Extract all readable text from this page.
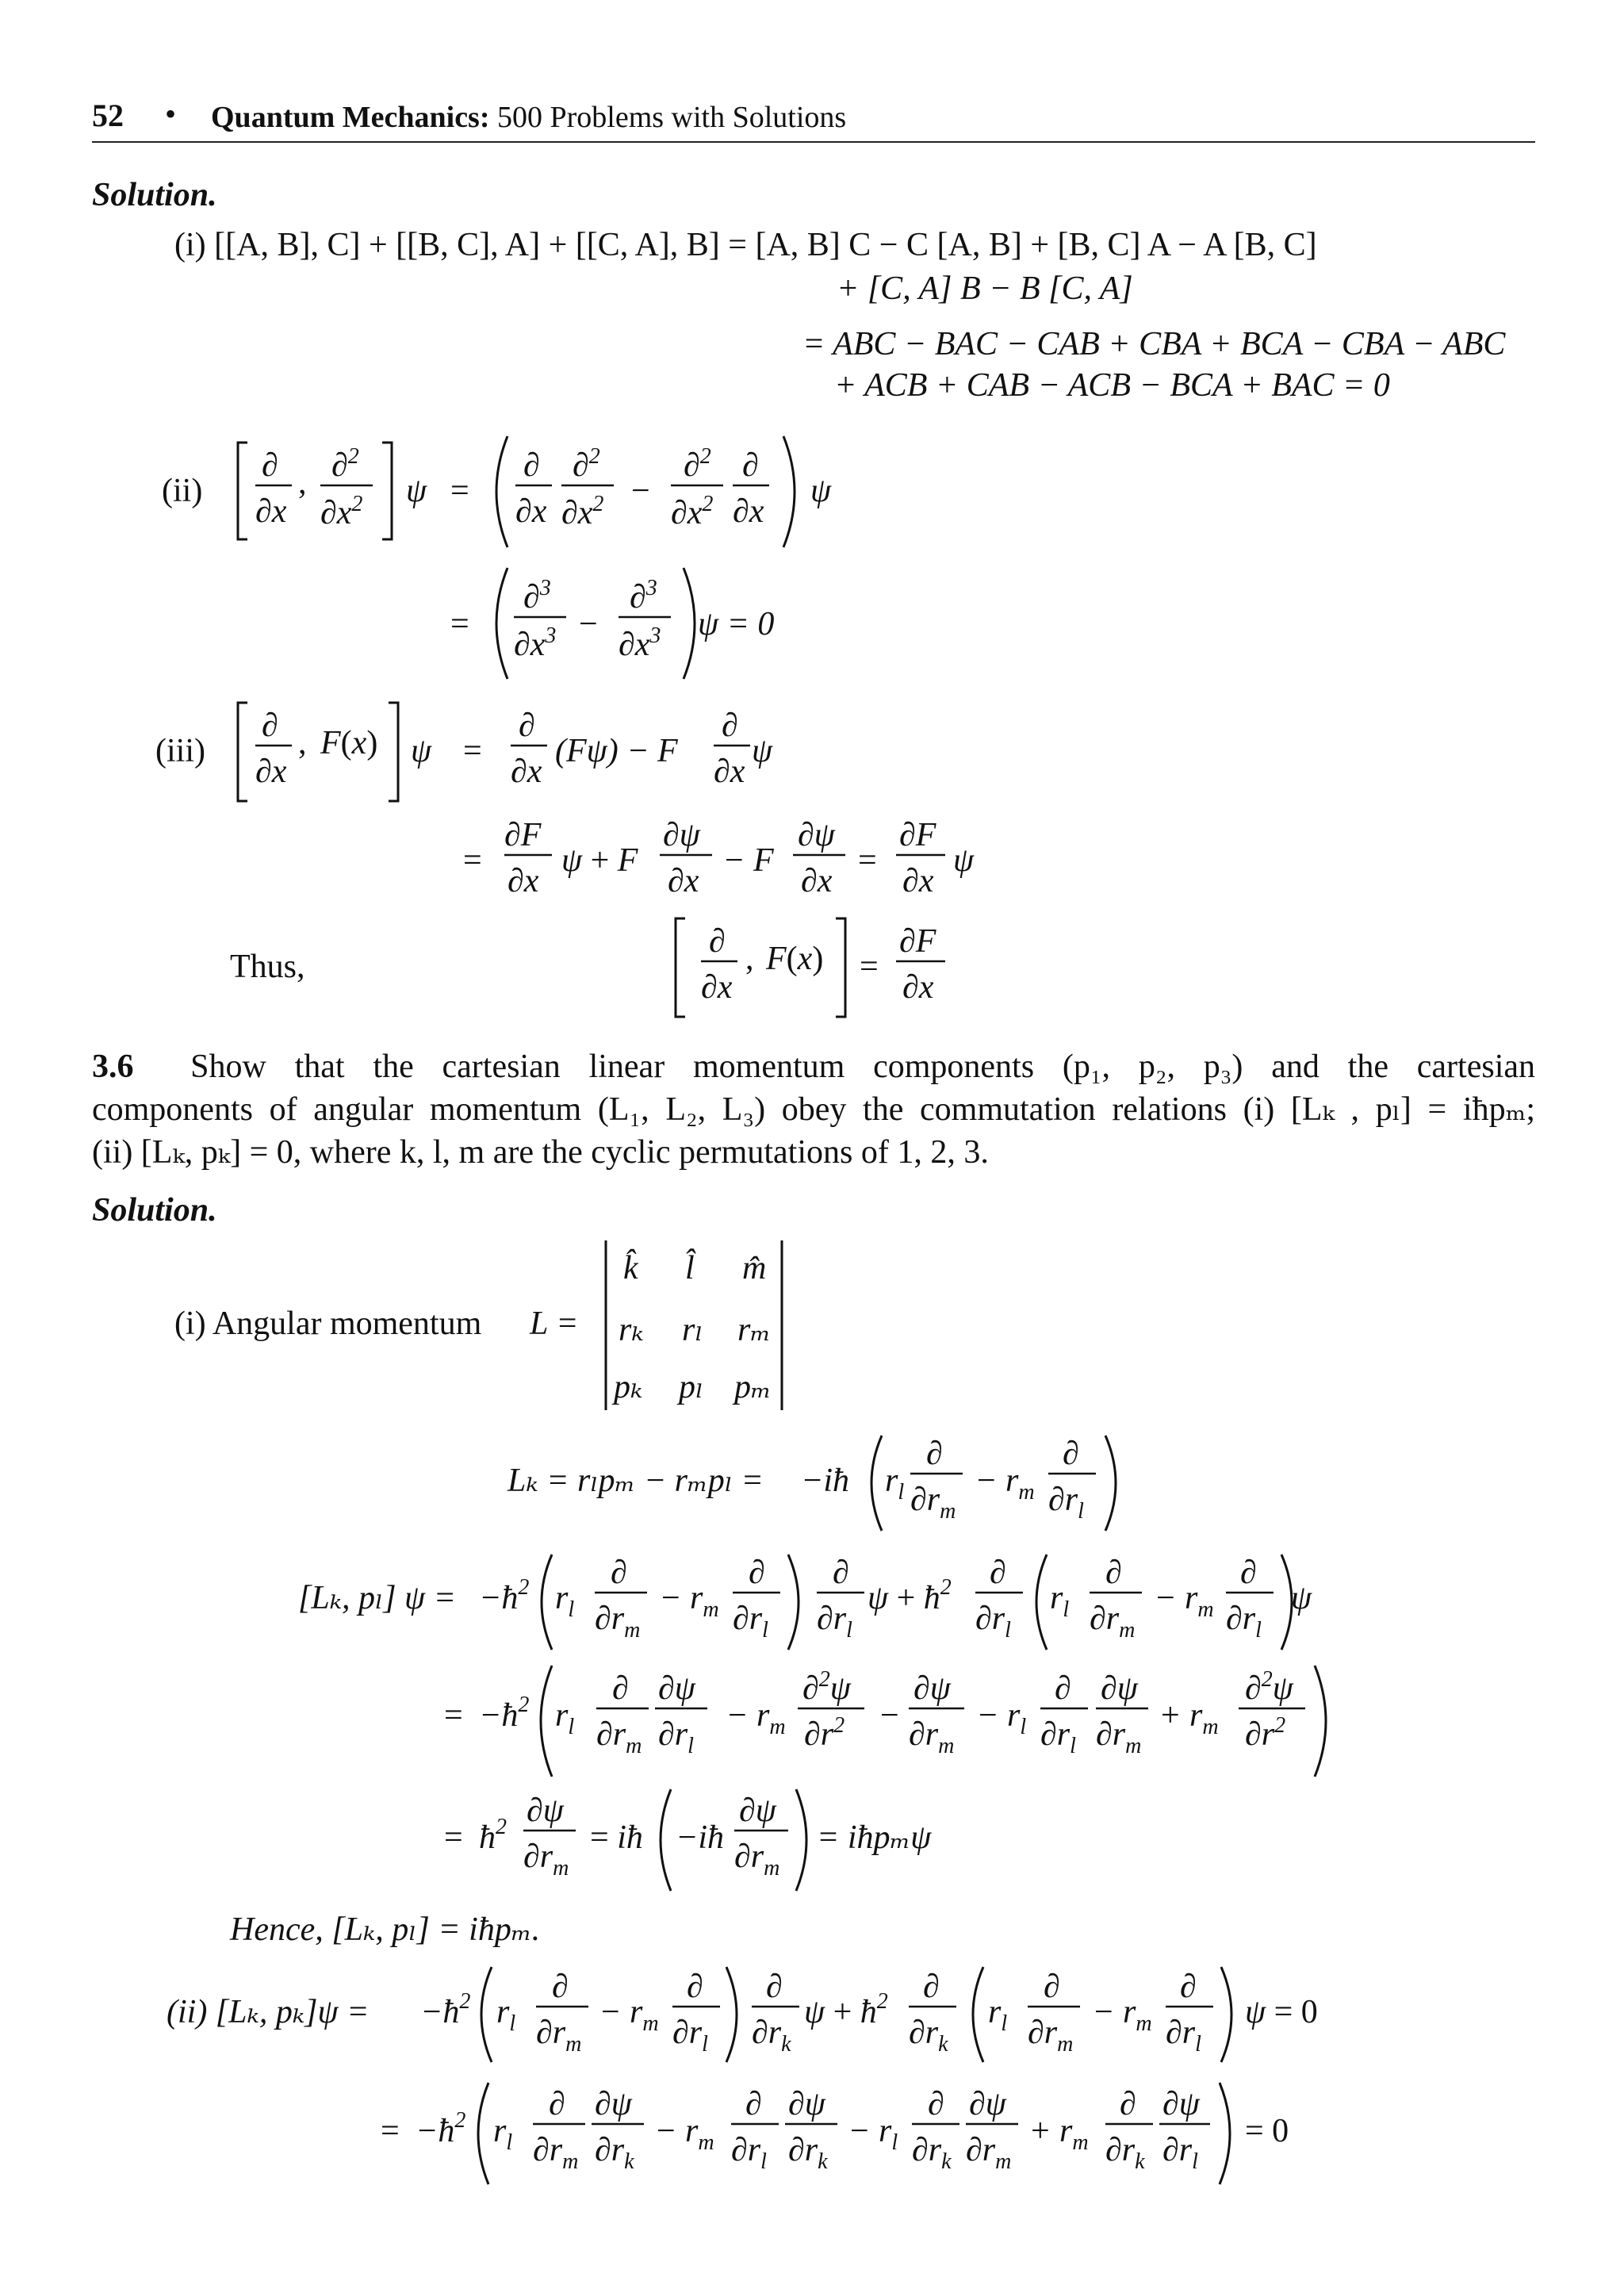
52 • Quantum Mechanics: 500 Problems with Solutions
Solution.
(i) [[A, B], C] + [[B, C], A] + [[C, A], B] = [A, B] C − C [A, B] + [B, C] A − A [B, C]
+ [C, A] B − B [C, A]
= ABC − BAC − CAB + CBA + BCA − CBA − ABC
+ ACB + CAB − ACB − BCA + BAC = 0
(ii)
∂
∂x
, ∂$^2$
$\partial x^2$ ψ =
∂
∂x
∂$^2$
$\partial x^2$ −
∂$^2$
$\partial x^2$
∂
∂x
ψ
=
∂$^3$
$\partial x^3$ −
∂$^3$
$\partial x^3$ ψ = 0
(iii)
∂
∂x
, F(x) ψ =
∂
∂x
(Fψ) − F
∂
∂x
ψ
=
∂F
∂x
ψ + F
∂ψ
∂x
− F
∂ψ
∂x
=
∂F
∂x
ψ
Thus,
∂
∂x
, F(x) =
∂F
∂x
3.6 Show that the cartesian linear momentum components (p₁, p₂, p₃) and the cartesian
components of angular momentum (L₁, L₂, L₃) obey the commutation relations (i) [Lₖ , pₗ] = iħpₘ;
(ii) [Lₖ, pₖ] = 0, where k, l, m are the cyclic permutations of 1, 2, 3.
Solution.
(i) Angular momentum L =
k̂ l̂ m̂
rₖ rₗ rₘ
pₖ pₗ pₘ
Lₖ = rₗpₘ − rₘpₗ = −iħ $r_l$
∂
$\partial r_m$
− $r_m$
∂
$\partial r_l$
[Lₖ, pₗ] $\psi = -ħ^2$ $r_l$
∂
$\partial r_m$
− $r_m$
∂
$\partial r_l$
∂
$\partial r_l$
$\psi + ħ^2$ ∂
$\partial r_l$
$r_l$
∂
$\partial r_m$
− $r_m$
∂
$\partial r_l$
ψ
= $-ħ^2$ $r_l$
∂
$\partial r_m$
∂ψ
$\partial r_l$
− $r_m$
∂$^2$ψ
$\partial r^2$ −
∂ψ
$\partial r_m$
− $r_l$
∂
$\partial r_l$
∂ψ
$\partial r_m$
+ $r_m$
∂$^2$ψ
$\partial r^2$
= $ħ^2$ ∂ψ
$\partial r_m$
= iħ −iħ
∂ψ
$\partial r_m$
= iħpₘψ
Hence, [Lₖ, pₗ] = iħpₘ.
(ii) [Lₖ, $p_k]\psi = -ħ^2$ $r_l$
∂
$\partial r_m$
− $r_m$
∂
$\partial r_l$
∂
$\partial r_k$
$\psi + ħ^2$ ∂
$\partial r_k$
$r_l$
∂
$\partial r_m$
− $r_m$
∂
$\partial r_l$
ψ = 0
= $-ħ^2$ $r_l$
∂
$\partial r_m$
∂ψ
$\partial r_k$
− $r_m$
∂
$\partial r_l$
∂ψ
$\partial r_k$
− $r_l$
∂
$\partial r_k$
∂ψ
$\partial r_m$
+ $r_m$
∂
$\partial r_k$
∂ψ
$\partial r_l$
= 0
